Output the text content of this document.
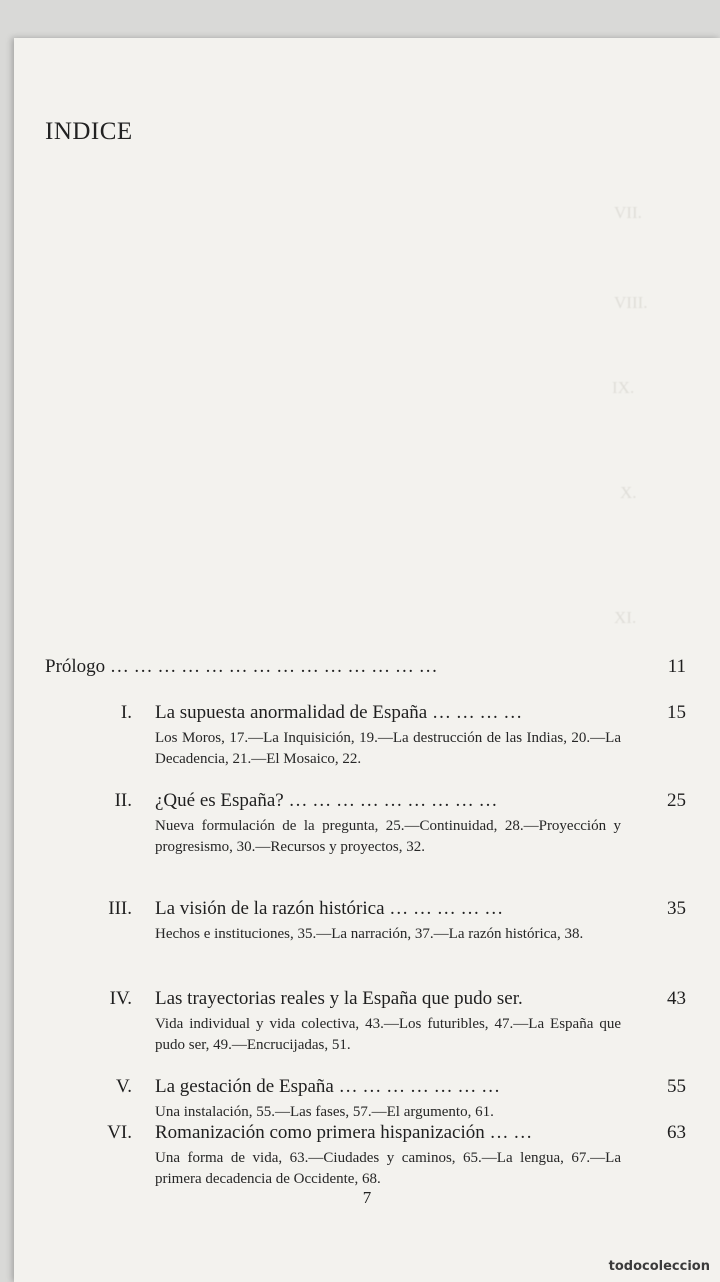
VII.
VIII.
IX.
X.
XI.
INDICE
Prólogo … … … … … … … … … … … … … …	11
I. La supuesta anormalidad de España … … … …	15
Los Moros, 17.—La Inquisición, 19.—La destrucción de las Indias, 20.—La Decadencia, 21.—El Mosaico, 22.
II. ¿Qué es España? … … … … … … … … …	25
Nueva formulación de la pregunta, 25.—Continuidad, 28.—Proyección y progresismo, 30.—Recursos y proyectos, 32.
III. La visión de la razón histórica … … … … …	35
Hechos e instituciones, 35.—La narración, 37.—La razón histórica, 38.
IV. Las trayectorias reales y la España que pudo ser.	43
Vida individual y vida colectiva, 43.—Los futuribles, 47.—La España que pudo ser, 49.—Encrucijadas, 51.
V. La gestación de España … … … … … … …	55
Una instalación, 55.—Las fases, 57.—El argumento, 61.
VI. Romanización como primera hispanización … …	63
Una forma de vida, 63.—Ciudades y caminos, 65.—La lengua, 67.—La primera decadencia de Occidente, 68.
7
todocoleccion
